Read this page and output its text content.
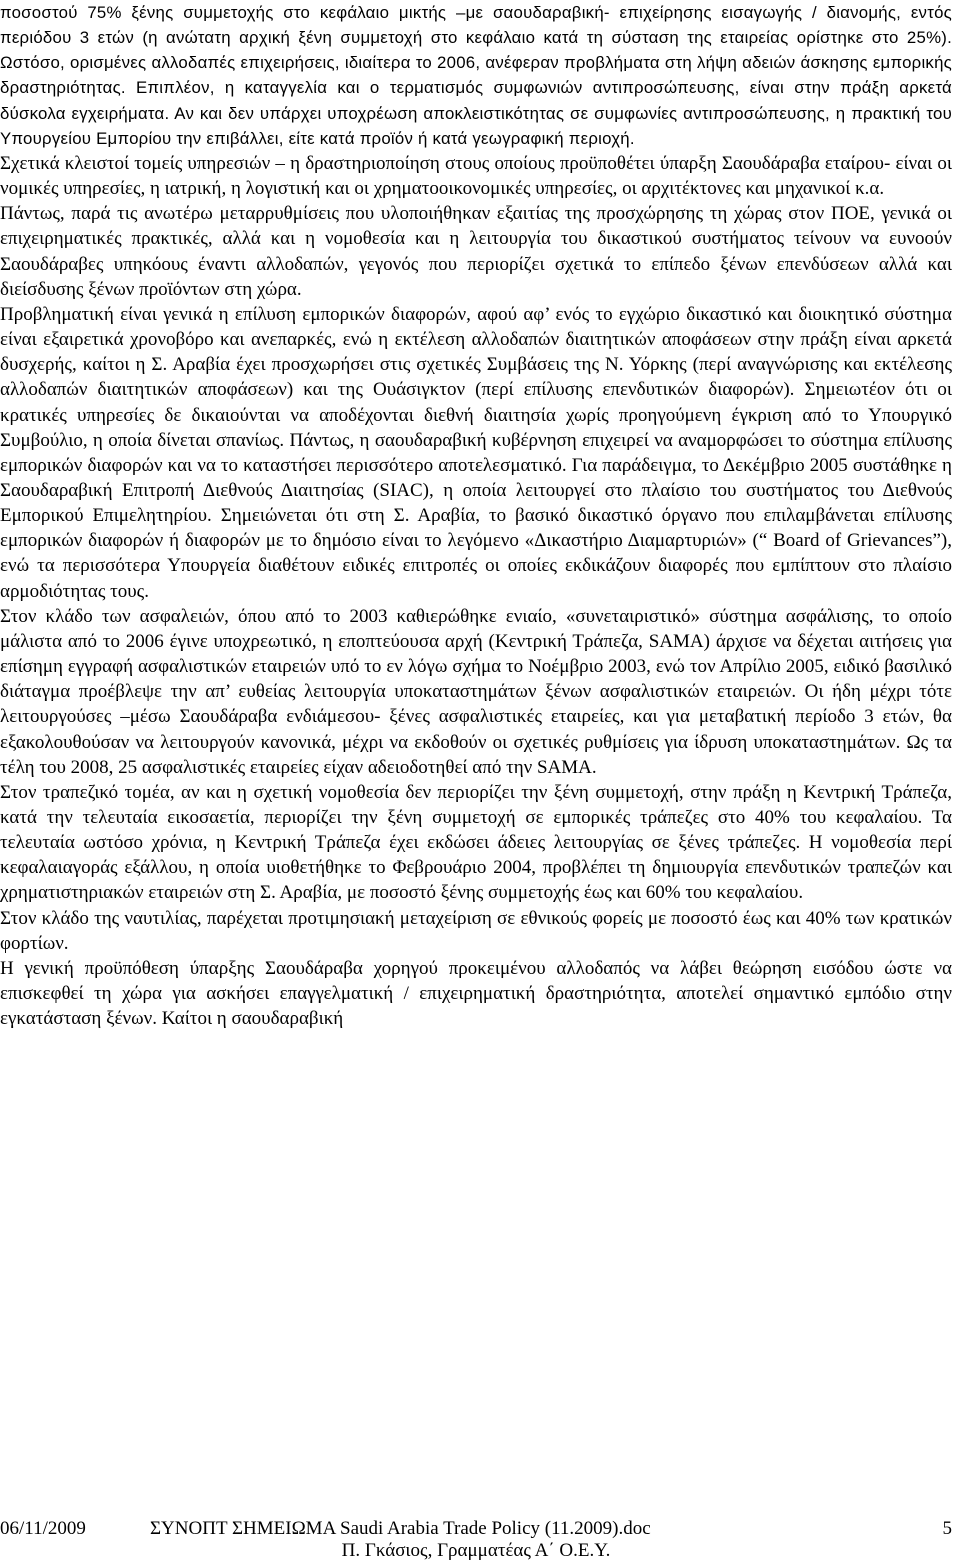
ποσοστού 75% ξένης συμμετοχής στο κεφάλαιο μικτής –με σαουδαραβική- επιχείρησης εισαγωγής / διανομής, εντός περιόδου 3 ετών (η ανώτατη αρχική ξένη συμμετοχή στο κεφάλαιο κατά τη σύσταση της εταιρείας ορίστηκε στο 25%). Ωστόσο, ορισμένες αλλοδαπές επιχειρήσεις, ιδιαίτερα το 2006, ανέφεραν προβλήματα στη λήψη αδειών άσκησης εμπορικής δραστηριότητας. Επιπλέον, η καταγγελία και ο τερματισμός συμφωνιών αντιπροσώπευσης, είναι στην πράξη αρκετά δύσκολα εγχειρήματα. Αν και δεν υπάρχει υποχρέωση αποκλειστικότητας σε συμφωνίες αντιπροσώπευσης, η πρακτική του Υπουργείου Εμπορίου την επιβάλλει, είτε κατά προϊόν ή κατά γεωγραφική περιοχή.

Σχετικά κλειστοί τομείς υπηρεσιών – η δραστηριοποίηση στους οποίους προϋποθέτει ύπαρξη Σαουδάραβα εταίρου- είναι οι νομικές υπηρεσίες, η ιατρική, η λογιστική και οι χρηματοοικονομικές υπηρεσίες, οι αρχιτέκτονες και μηχανικοί κ.α.

Πάντως, παρά τις ανωτέρω μεταρρυθμίσεις που υλοποιήθηκαν εξαιτίας της προσχώρησης τη χώρας στον ΠΟΕ, γενικά οι επιχειρηματικές πρακτικές, αλλά και η νομοθεσία και η λειτουργία του δικαστικού συστήματος τείνουν να ευνοούν Σαουδάραβες υπηκόους έναντι αλλοδαπών, γεγονός που περιορίζει σχετικά το επίπεδο ξένων επενδύσεων αλλά και διείσδυσης ξένων προϊόντων στη χώρα.

Προβληματική είναι γενικά η επίλυση εμπορικών διαφορών, αφού αφ’ ενός το εγχώριο δικαστικό και διοικητικό σύστημα είναι εξαιρετικά χρονοβόρο και ανεπαρκές, ενώ η εκτέλεση αλλοδαπών διαιτητικών αποφάσεων στην πράξη είναι αρκετά δυσχερής, καίτοι η Σ. Αραβία έχει προσχωρήσει στις σχετικές Συμβάσεις της Ν. Υόρκης (περί αναγνώρισης και εκτέλεσης αλλοδαπών διαιτητικών αποφάσεων) και της Ουάσιγκτον (περί επίλυσης επενδυτικών διαφορών). Σημειωτέον ότι οι κρατικές υπηρεσίες δε δικαιούνται να αποδέχονται διεθνή διαιτησία χωρίς προηγούμενη έγκριση από το Υπουργικό Συμβούλιο, η οποία δίνεται σπανίως. Πάντως, η σαουδαραβική κυβέρνηση επιχειρεί να αναμορφώσει το σύστημα επίλυσης εμπορικών διαφορών και να το καταστήσει περισσότερο αποτελεσματικό. Για παράδειγμα, το Δεκέμβριο 2005 συστάθηκε η Σαουδαραβική Επιτροπή Διεθνούς Διαιτησίας (SIAC), η οποία λειτουργεί στο πλαίσιο του συστήματος του Διεθνούς Εμπορικού Επιμελητηρίου. Σημειώνεται ότι στη Σ. Αραβία, το βασικό δικαστικό όργανο που επιλαμβάνεται επίλυσης εμπορικών διαφορών ή διαφορών με το δημόσιο είναι το λεγόμενο «Δικαστήριο Διαμαρτυριών» (“ Board of Grievances”), ενώ τα περισσότερα Υπουργεία διαθέτουν ειδικές επιτροπές οι οποίες εκδικάζουν διαφορές που εμπίπτουν στο πλαίσιο αρμοδιότητας τους.

Στον κλάδο των ασφαλειών, όπου από το 2003 καθιερώθηκε ενιαίο, «συνεταιριστικό» σύστημα ασφάλισης, το οποίο μάλιστα από το 2006 έγινε υποχρεωτικό, η εποπτεύουσα αρχή (Κεντρική Τράπεζα, SAMA) άρχισε να δέχεται αιτήσεις για επίσημη εγγραφή ασφαλιστικών εταιρειών υπό το εν λόγω σχήμα το Νοέμβριο 2003, ενώ τον Απρίλιο 2005, ειδικό βασιλικό διάταγμα προέβλεψε την απ’ ευθείας λειτουργία υποκαταστημάτων ξένων ασφαλιστικών εταιρειών. Οι ήδη μέχρι τότε λειτουργούσες –μέσω Σαουδάραβα ενδιάμεσου- ξένες ασφαλιστικές εταιρείες, και για μεταβατική περίοδο 3 ετών, θα εξακολουθούσαν να λειτουργούν κανονικά, μέχρι να εκδοθούν οι σχετικές ρυθμίσεις για ίδρυση υποκαταστημάτων. Ως τα τέλη του 2008, 25 ασφαλιστικές εταιρείες είχαν αδειοδοτηθεί από την SAMA.

Στον τραπεζικό τομέα, αν και η σχετική νομοθεσία δεν περιορίζει την ξένη συμμετοχή, στην πράξη η Κεντρική Τράπεζα, κατά την τελευταία εικοσαετία, περιορίζει την ξένη συμμετοχή σε εμπορικές τράπεζες στο 40% του κεφαλαίου. Τα τελευταία ωστόσο χρόνια, η Κεντρική Τράπεζα έχει εκδώσει άδειες λειτουργίας σε ξένες τράπεζες. Η νομοθεσία περί κεφαλαιαγοράς εξάλλου, η οποία υιοθετήθηκε το Φεβρουάριο 2004, προβλέπει τη δημιουργία επενδυτικών τραπεζών και χρηματιστηριακών εταιρειών στη Σ. Αραβία, με ποσοστό ξένης συμμετοχής έως και 60% του κεφαλαίου.

Στον κλάδο της ναυτιλίας, παρέχεται προτιμησιακή μεταχείριση σε εθνικούς φορείς με ποσοστό έως και 40% των κρατικών φορτίων.

Η γενική προϋπόθεση ύπαρξης Σαουδάραβα χορηγού προκειμένου αλλοδαπός να λάβει θεώρηση εισόδου ώστε να επισκεφθεί τη χώρα για ασκήσει επαγγελματική / επιχειρηματική δραστηριότητα, αποτελεί σημαντικό εμπόδιο στην εγκατάσταση ξένων. Καίτοι η σαουδαραβική

06/11/2009	ΣΥΝΟΠΤ ΣΗΜΕΙΩΜΑ Saudi Arabia Trade Policy (11.2009).doc	5
Π. Γκάσιος, Γραμματέας Α΄ Ο.Ε.Υ.
